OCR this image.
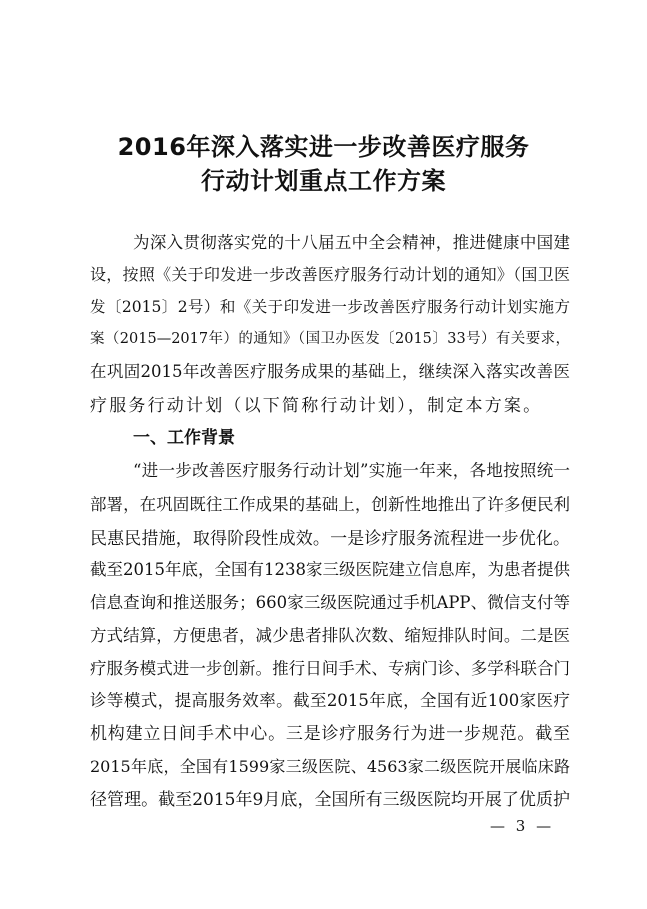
2016年深入落实进一步改善医疗服务
行动计划重点工作方案
为深入贯彻落实党的十八届五中全会精神，推进健康中国建
设，按照《关于印发进一步改善医疗服务行动计划的通知》（国卫医
发〔2015〕2号）和《关于印发进一步改善医疗服务行动计划实施方
案（2015—2017年）的通知》（国卫办医发〔2015〕33号）有关要求，
在巩固2015年改善医疗服务成果的基础上，继续深入落实改善医
疗服务行动计划（以下简称行动计划），制定本方案。
一、工作背景
“进一步改善医疗服务行动计划”实施一年来，各地按照统一
部署，在巩固既往工作成果的基础上，创新性地推出了许多便民利
民惠民措施，取得阶段性成效。一是诊疗服务流程进一步优化。
截至2015年底，全国有1238家三级医院建立信息库，为患者提供
信息查询和推送服务；660家三级医院通过手机APP、微信支付等
方式结算，方便患者，减少患者排队次数、缩短排队时间。二是医
疗服务模式进一步创新。推行日间手术、专病门诊、多学科联合门
诊等模式，提高服务效率。截至2015年底，全国有近100家医疗
机构建立日间手术中心。三是诊疗服务行为进一步规范。截至
2015年底，全国有1599家三级医院、4563家二级医院开展临床路
径管理。截至2015年9月底，全国所有三级医院均开展了优质护
— 3 —
